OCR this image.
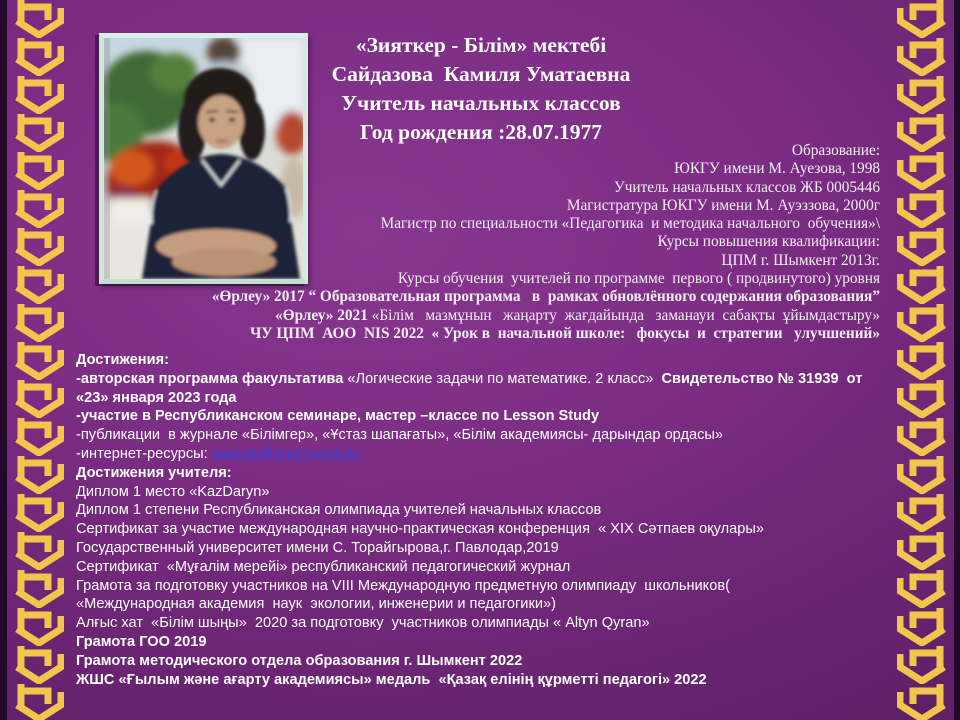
«Зияткер - Білім» мектебі
Сайдазова  Камиля Уматаевна
Учитель начальных классов
Год рождения :28.07.1977
Образование:
ЮКГУ имени М. Ауезова, 1998
Учитель начальных классов ЖБ 0005446
Магистратура ЮКГУ имени М. Ауэззова, 2000г
Магистр по специальности «Педагогика  и методика начального  обучения»\
Курсы повышения квалификации:
ЦПМ г. Шымкент 2013г.
Курсы обучения  учителей по программе  первого ( продвинутого) уровня
«Өрлеу» 2017 “ Образовательная программа   в  рамках обновлённого содержания образования”
«Өрлеу» 2021 «Білім   мазмұнын   жаңарту  жағдайында   заманауи  сабақты  ұйымдастыру»
ЧУ ЦПМ  АОО  NIS 2022  « Урок в  начальной школе:   фокусы  и  стратегии   улучшений»
Достижения:
-авторская программа факультатива «Логические задачи по математике. 2 класс»  Свидетельство № 31939  от
«23» января 2023 года
-участие в Республиканском семинаре, мастер –классе по Lesson Study
-публикации  в журнале «Білімгер», «Ұстаз шапағаты», «Білім академиясы- дарындар ордасы»
-интернет-ресурсы: www.mektepzhurnal.kz
Достижения учителя:
Диплом 1 место «KazDaryn»
Диплом 1 степени Республиканская олимпиада учителей начальных классов
Сертификат за участие международная научно-практическая конференция  « XIX Сәтпаев оқулары»
Государственный университет имени С. Торайгырова,г. Павлодар,2019
Сертификат  «Мұғалім мерейі» республиканский педагогический журнал
Грамота за подготовку участников на VIII Международную предметную олимпиаду  школьников(
«Международная академия  наук  экологии, инженерии и педагогики»)
Алғыс хат  «Білім шыңы»  2020 за подготовку  участников олимпиады « Altyn Qyran»
Грамота ГОО 2019
Грамота методического отдела образования г. Шымкент 2022
ЖШС «Ғылым және ағарту академиясы» медаль  «Қазақ елінің құрметті педагогі» 2022
